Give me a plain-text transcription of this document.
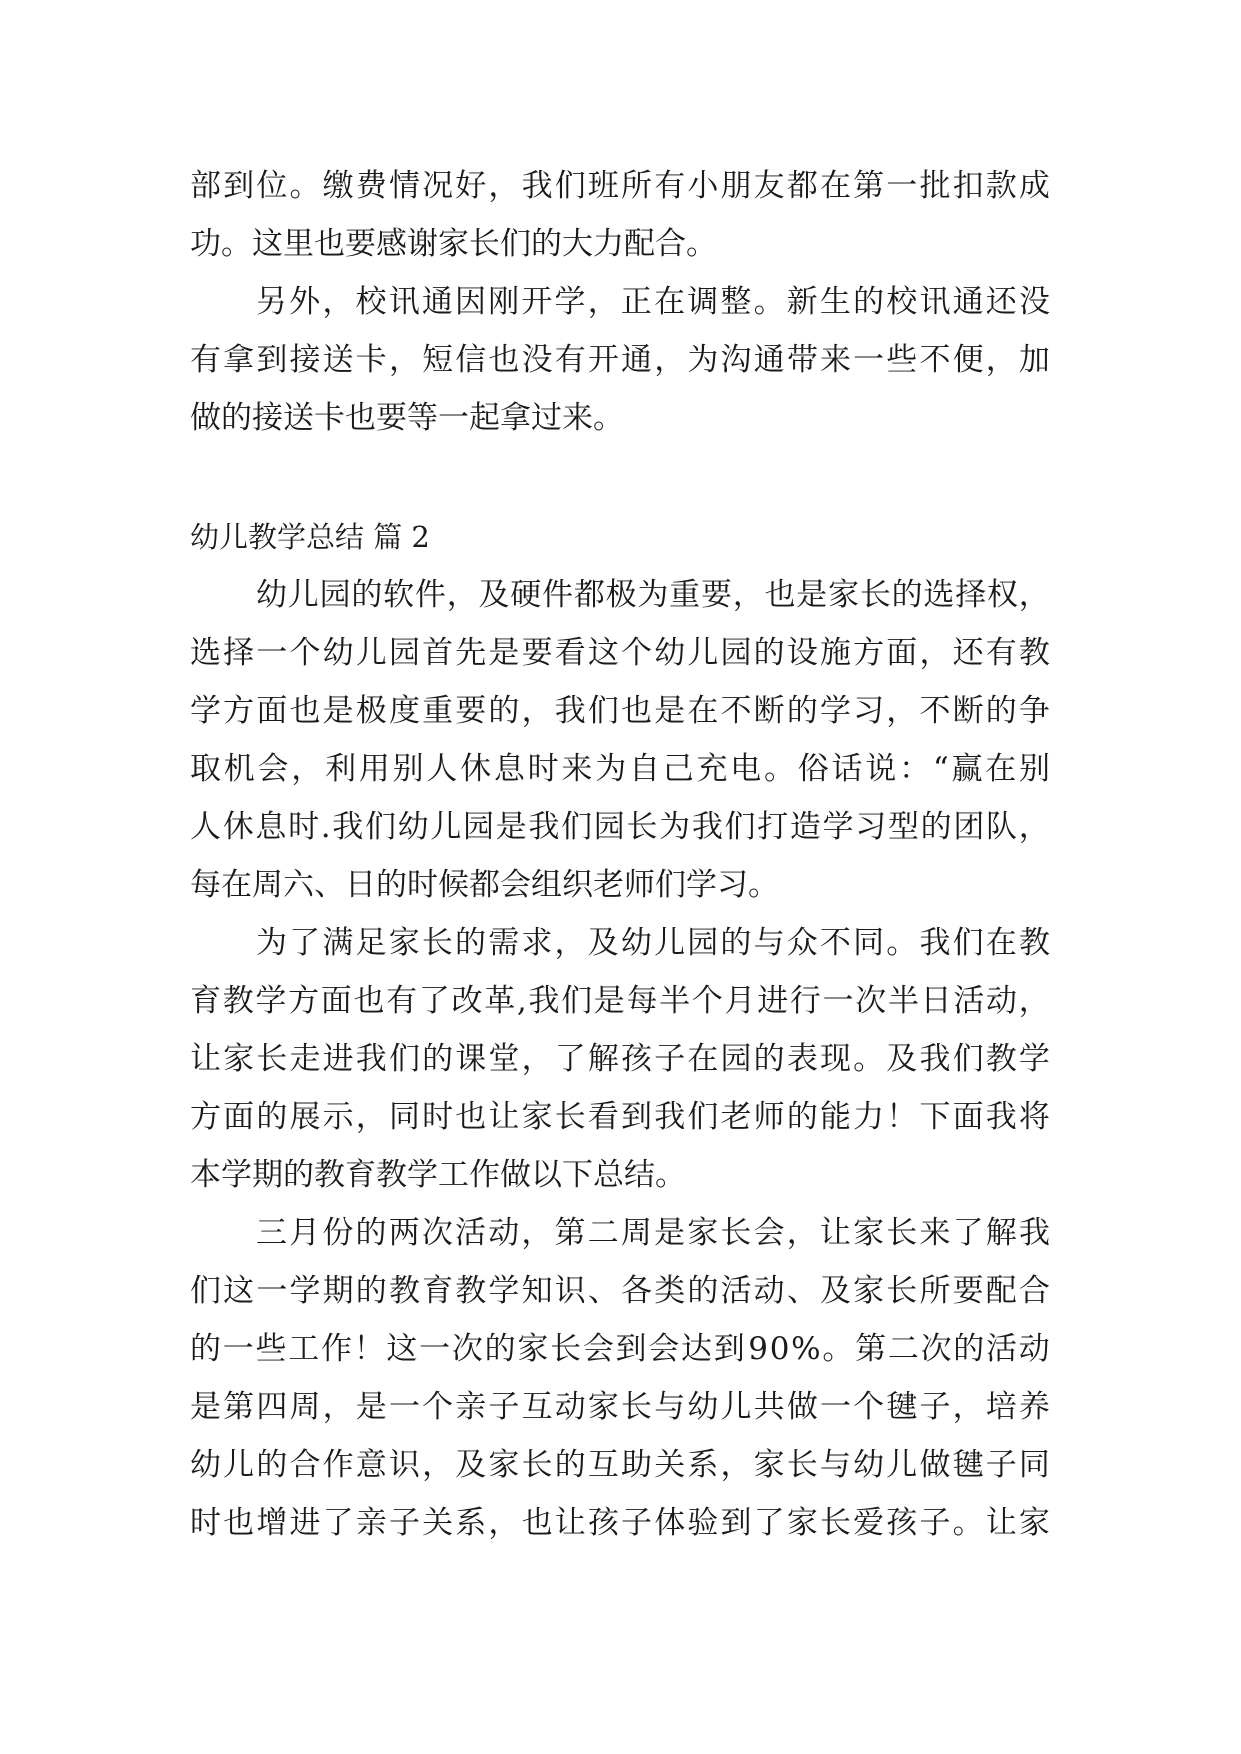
部 到 位 。 缴 费 情 况 好 ， 我 们 班 所 有 小 朋 友 都 在 第 一 批 扣 款 成
功。这里也要感谢家长们的大力配合。
另 外 ， 校 讯 通 因 刚 开 学 ， 正 在 调 整 。 新 生 的 校 讯 通 还 没
有 拿 到 接 送 卡 ， 短 信 也 没 有 开 通 ， 为 沟 通 带 来 一 些 不 便 ， 加
做的接送卡也要等一起拿过来。
幼儿教学总结 篇 2
幼 儿 园 的 软 件 ， 及 硬 件 都 极 为 重 要 ， 也 是 家 长 的 选 择 权 ，
选 择 一 个 幼 儿 园 首 先 是 要 看 这 个 幼 儿 园 的 设 施 方 面 ， 还 有 教
学 方 面 也 是 极 度 重 要 的 ， 我 们 也 是 在 不 断 的 学 习 ， 不 断 的 争
取 机 会 ， 利 用 别 人 休 息 时 来 为 自 己 充 电 。 俗 话 说 ： “ 赢 在 别
人 休 息 时 . 我 们 幼 儿 园 是 我 们 园 长 为 我 们 打 造 学 习 型 的 团 队 ，
每在周六、日的时候都会组织老师们学习。
为 了 满 足 家 长 的 需 求 ， 及 幼 儿 园 的 与 众 不 同 。 我 们 在 教
育 教 学 方 面 也 有 了 改 革 , 我 们 是 每 半 个 月 进 行 一 次 半 日 活 动 ，
让 家 长 走 进 我 们 的 课 堂 ， 了 解 孩 子 在 园 的 表 现 。 及 我 们 教 学
方 面 的 展 示 ， 同 时 也 让 家 长 看 到 我 们 老 师 的 能 力 ！ 下 面 我 将
本学期的教育教学工作做以下总结。
三 月 份 的 两 次 活 动 ， 第 二 周 是 家 长 会 ， 让 家 长 来 了 解 我
们 这 一 学 期 的 教 育 教 学 知 识 、 各 类 的 活 动 、 及 家 长 所 要 配 合
的 一 些 工 作 ！ 这 一 次 的 家 长 会 到 会 达 到 9 0 % 。 第 二 次 的 活 动
是 第 四 周 ， 是 一 个 亲 子 互 动 家 长 与 幼 儿 共 做 一 个 毽 子 ， 培 养
幼 儿 的 合 作 意 识 ， 及 家 长 的 互 助 关 系 ， 家 长 与 幼 儿 做 毽 子 同
时 也 增 进 了 亲 子 关 系 ， 也 让 孩 子 体 验 到 了 家 长 爱 孩 子 。 让 家
